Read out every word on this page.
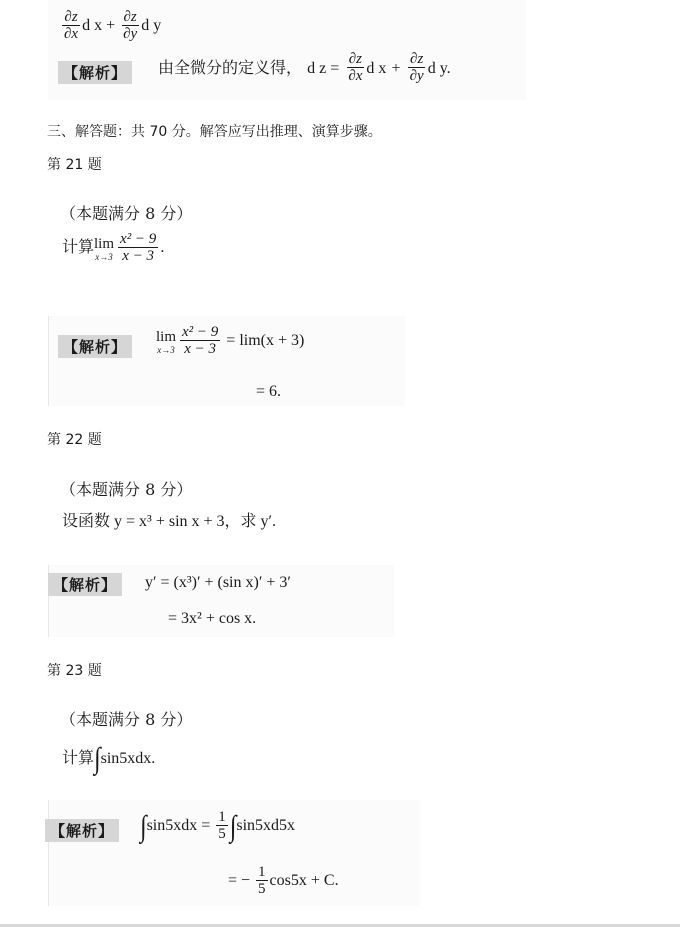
$\frac{\partial z}{\partial x}$ d $x + \frac{\partial z}{\partial y}$ d y
【解析】	由全微分的定义得， d $z = \frac{\partial z}{\partial x}$ d $x + \frac{\partial z}{\partial y}$ d y.
三、解答题：共 70 分。解答应写出推理、演算步骤。
第 21 题
（本题满分 8 分）
计算 lim
$x\to 3 \frac{\text{x² − 9}}{x - 3}$ .
【解析】
lim
$x\to 3 \frac{\text{x² − 9}}{x - 3} = \lim(x + 3)$
= 6.
第 22 题
（本题满分 8 分）
设函数 y = x³ + sin x + 3，求 y′.
【解析】	y′ = (x³)′ + (sin x)′ + 3′
= 3x² + cos x.
第 23 题
（本题满分 8 分）
计算∫sin5xdx.
【解析】 $\int\sin 5xdx = \frac{1}{5} \int\sin 5xd5x$
= − $\frac{1}{5} \cos 5x + C$.
